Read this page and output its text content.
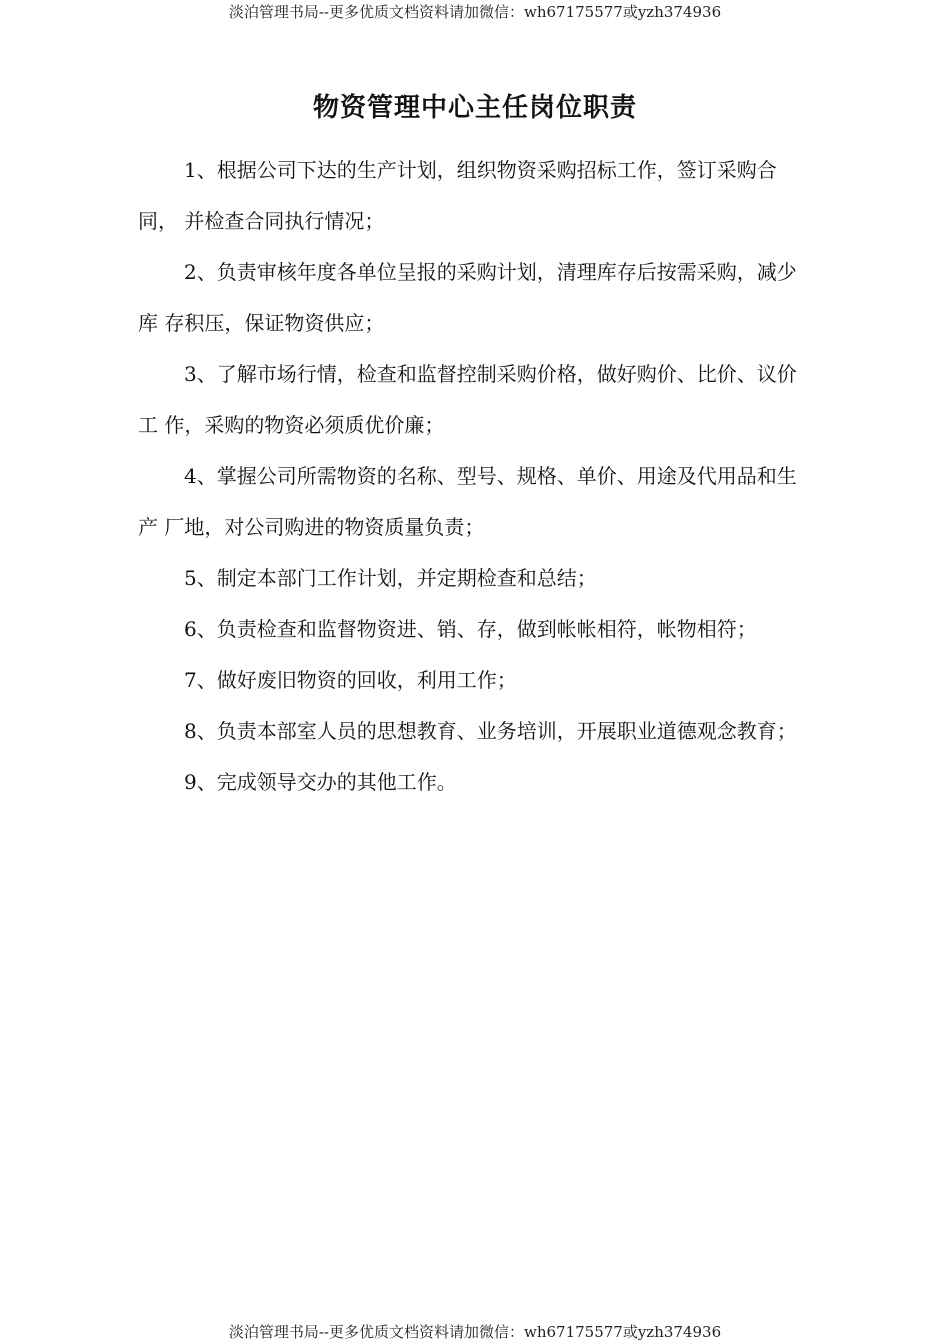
淡泊管理书局--更多优质文档资料请加微信：wh67175577或yzh374936
物资管理中心主任岗位职责
1、根据公司下达的生产计划，组织物资采购招标工作，签订采购合同， 并检查合同执行情况；
2、负责审核年度各单位呈报的采购计划，清理库存后按需采购，减少库 存积压，保证物资供应；
3、了解市场行情，检查和监督控制采购价格，做好购价、比价、议价工 作，采购的物资必须质优价廉；
4、掌握公司所需物资的名称、型号、规格、单价、用途及代用品和生产 厂地，对公司购进的物资质量负责；
5、制定本部门工作计划，并定期检查和总结；
6、负责检查和监督物资进、销、存，做到帐帐相符，帐物相符；
7、做好废旧物资的回收，利用工作；
8、负责本部室人员的思想教育、业务培训，开展职业道德观念教育；
9、完成领导交办的其他工作。
淡泊管理书局--更多优质文档资料请加微信：wh67175577或yzh374936
